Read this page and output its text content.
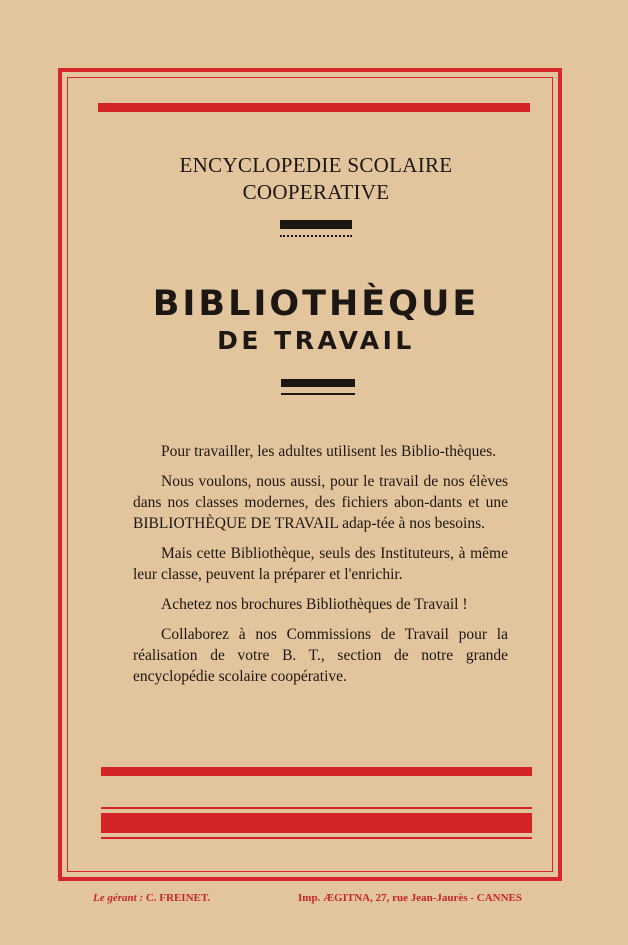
ENCYCLOPEDIE SCOLAIRE
COOPERATIVE
BIBLIOTHÈQUE
DE TRAVAIL

Pour travailler, les adultes utilisent les Biblio-thèques.

Nous voulons, nous aussi, pour le travail de nos élèves dans nos classes modernes, des fichiers abon-dants et une BIBLIOTHÈQUE DE TRAVAIL adap-tée à nos besoins.

Mais cette Bibliothèque, seuls des Instituteurs, à même leur classe, peuvent la préparer et l'enrichir.

Achetez nos brochures Bibliothèques de Travail !

Collaborez à nos Commissions de Travail pour la réalisation de votre B. T., section de notre grande encyclopédie scolaire coopérative.

Le gérant : C. FREINET.	Imp. ÆGITNA, 27, rue Jean-Jaurès - CANNES
